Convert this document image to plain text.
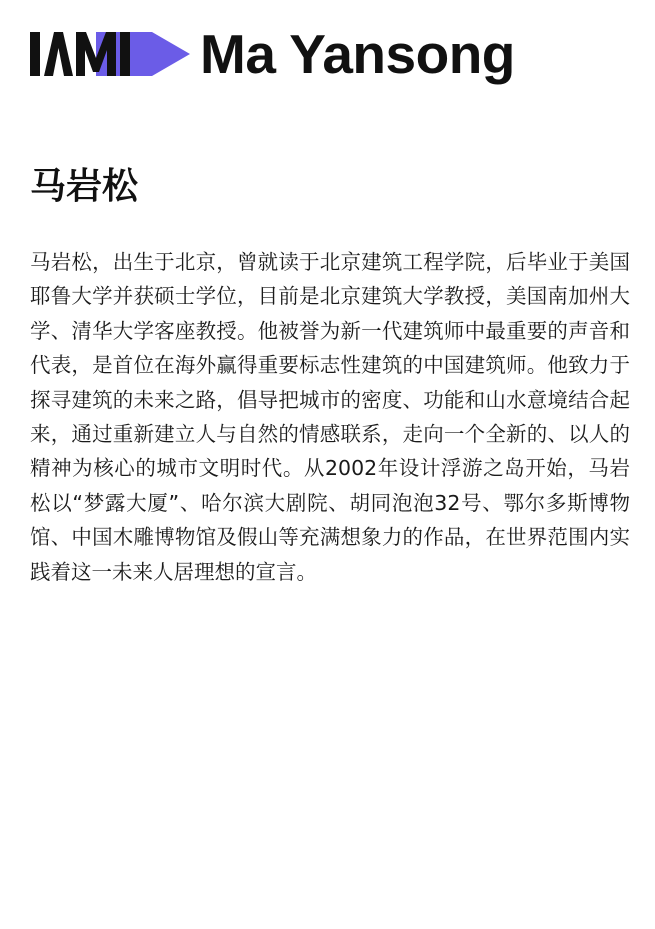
Ma Yansong
马岩松

马岩松，出生于北京，曾就读于北京建筑工程学院，后毕业于美国耶鲁大学并获硕士学位，目前是北京建筑大学教授，美国南加州大学、清华大学客座教授。他被誉为新一代建筑师中最重要的声音和代表，是首位在海外赢得重要标志性建筑的中国建筑师。他致力于探寻建筑的未来之路，倡导把城市的密度、功能和山水意境结合起来，通过重新建立人与自然的情感联系，走向一个全新的、以人的精神为核心的城市文明时代。从2002年设计浮游之岛开始，马岩松以“梦露大厦”、哈尔滨大剧院、胡同泡泡32号、鄂尔多斯博物馆、中国木雕博物馆及假山等充满想象力的作品，在世界范围内实践着这一未来人居理想的宣言。
